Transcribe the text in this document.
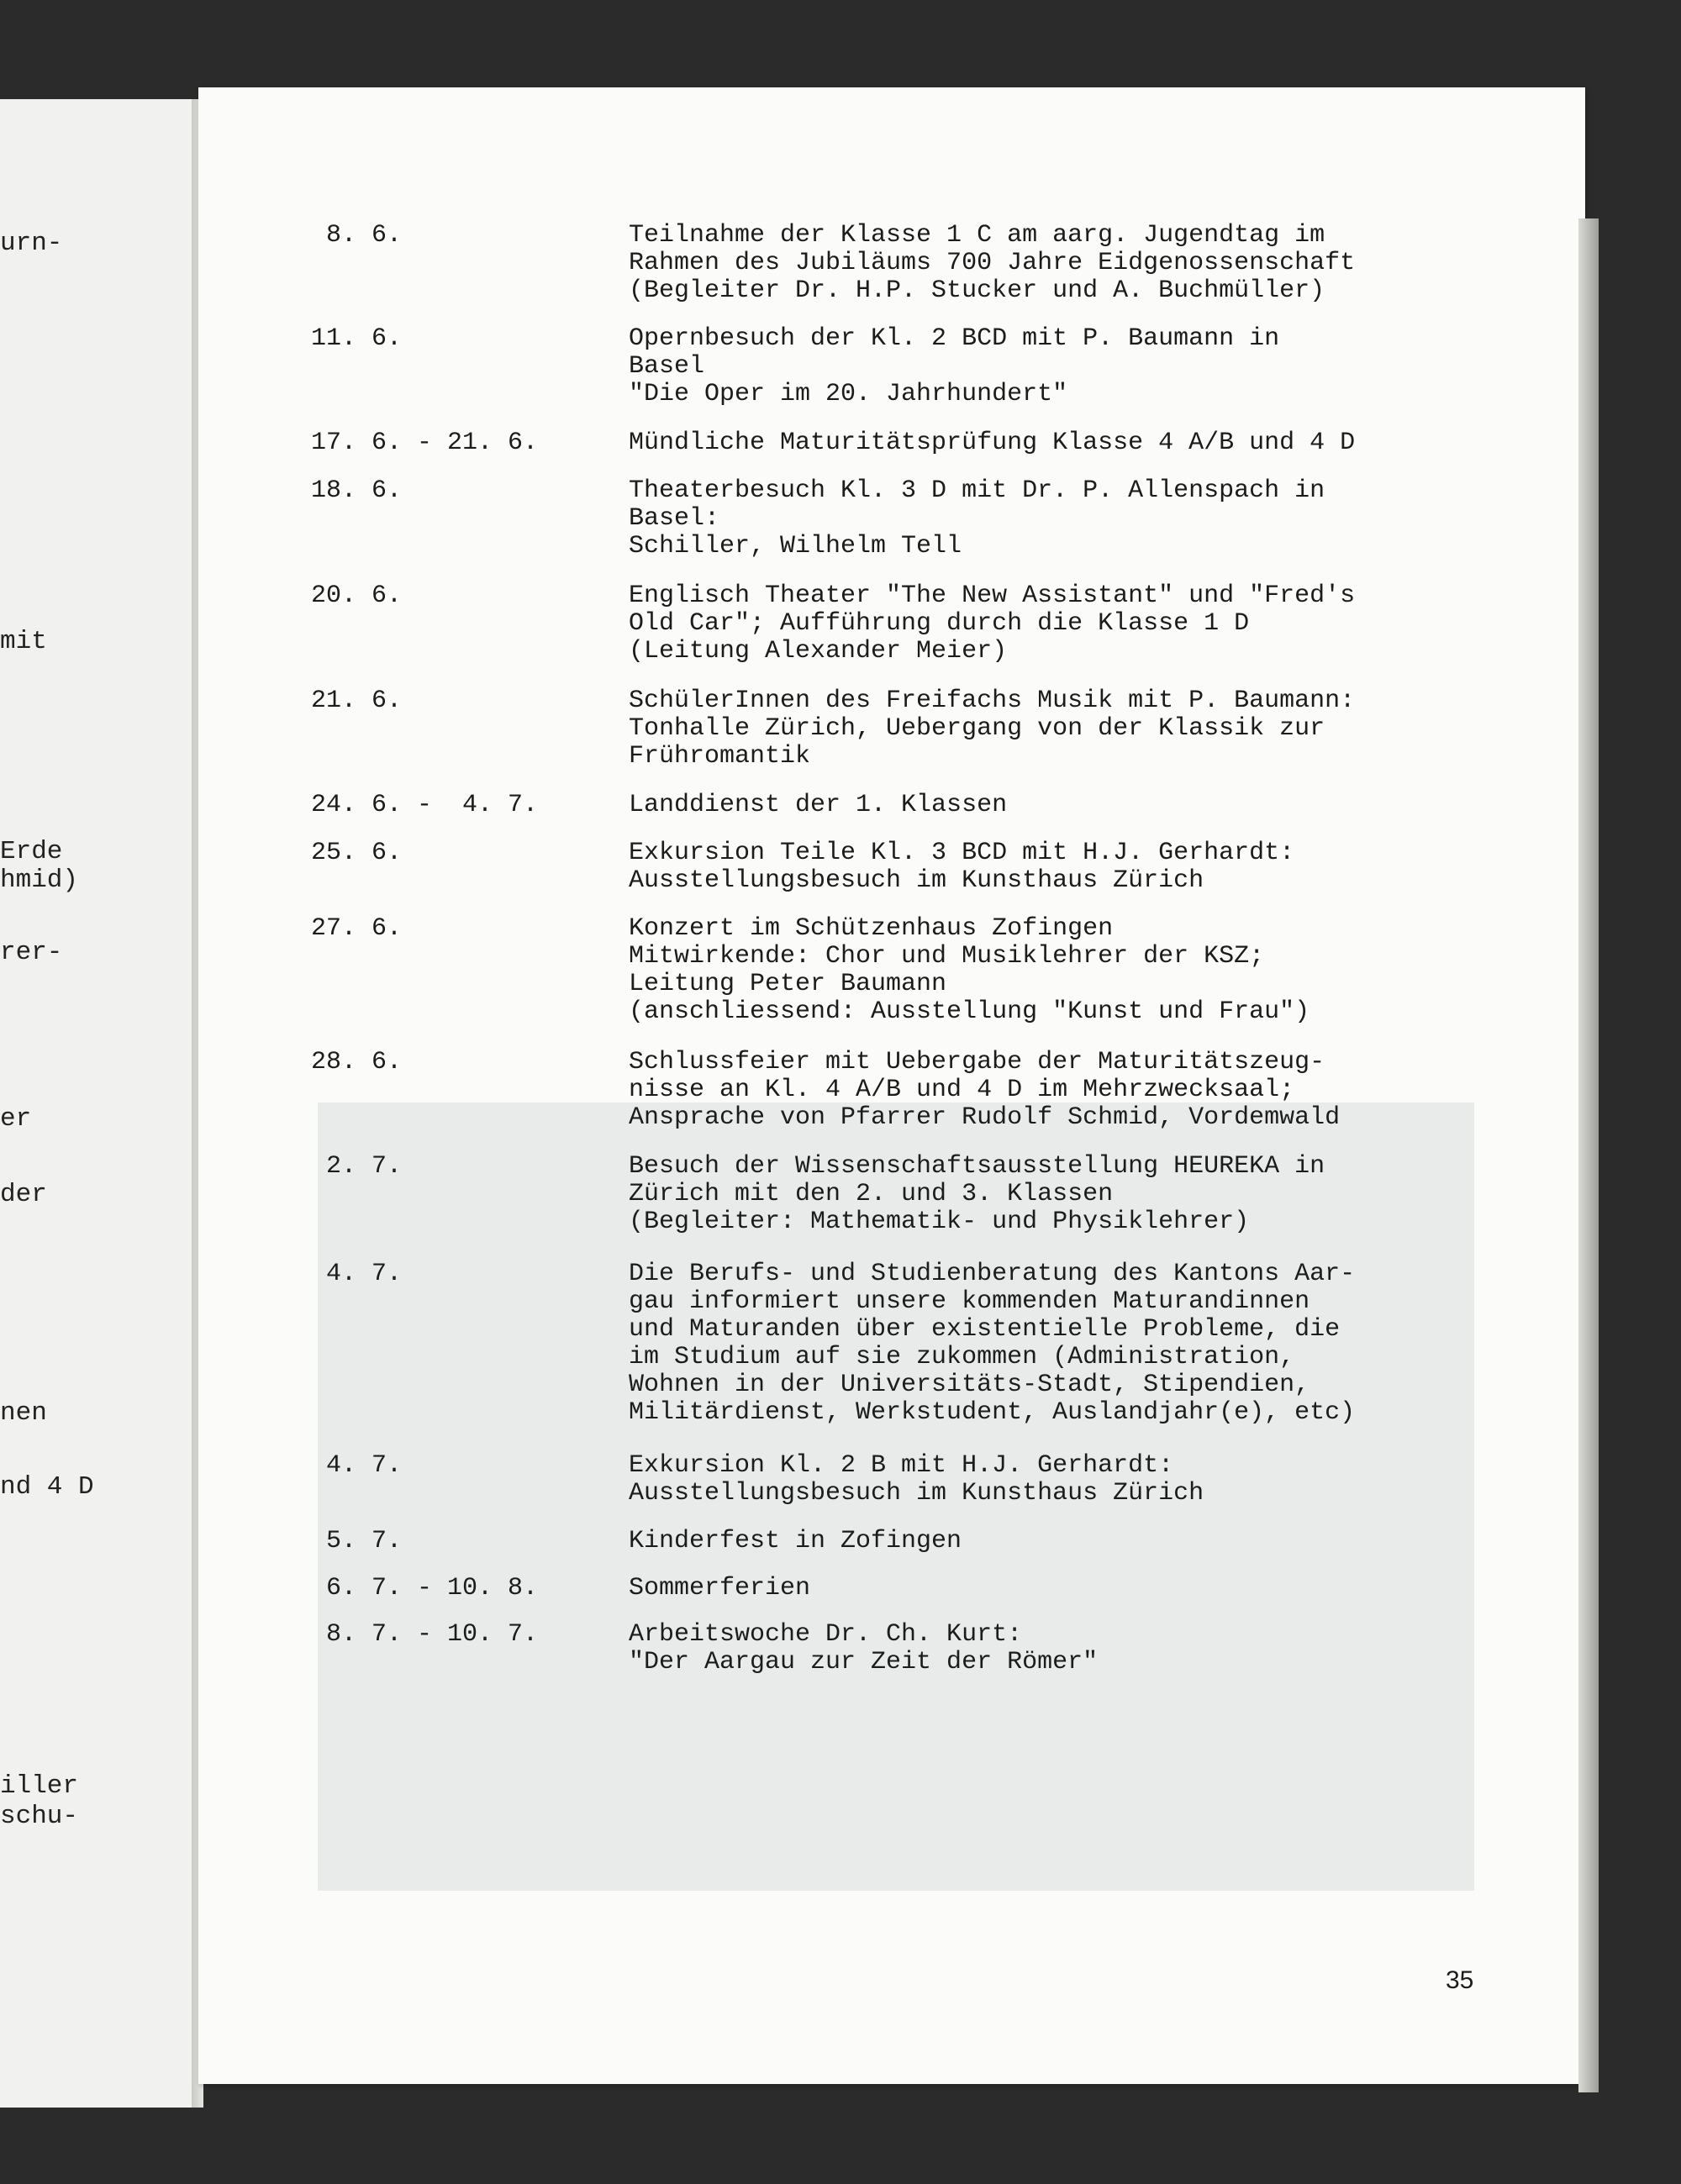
urn-
mit
Erde
hmid)
rer-
er
der
nen
nd 4 D
iller
schu-
8. 6.	Teilnahme der Klasse 1 C am aarg. Jugendtag im
Rahmen des Jubiläums 700 Jahre Eidgenossenschaft
(Begleiter Dr. H.P. Stucker und A. Buchmüller)
11. 6.	Opernbesuch der Kl. 2 BCD mit P. Baumann in
Basel
"Die Oper im 20. Jahrhundert"
17. 6. - 21. 6.	Mündliche Maturitätsprüfung Klasse 4 A/B und 4 D
18. 6.	Theaterbesuch Kl. 3 D mit Dr. P. Allenspach in
Basel:
Schiller, Wilhelm Tell
20. 6.	Englisch Theater "The New Assistant" und "Fred's
Old Car"; Aufführung durch die Klasse 1 D
(Leitung Alexander Meier)
21. 6.	SchülerInnen des Freifachs Musik mit P. Baumann:
Tonhalle Zürich, Uebergang von der Klassik zur
Frühromantik
24. 6. -  4. 7.	Landdienst der 1. Klassen
25. 6.	Exkursion Teile Kl. 3 BCD mit H.J. Gerhardt:
Ausstellungsbesuch im Kunsthaus Zürich
27. 6.	Konzert im Schützenhaus Zofingen
Mitwirkende: Chor und Musiklehrer der KSZ;
Leitung Peter Baumann
(anschliessend: Ausstellung "Kunst und Frau")
28. 6.	Schlussfeier mit Uebergabe der Maturitätszeug-
nisse an Kl. 4 A/B und 4 D im Mehrzwecksaal;
Ansprache von Pfarrer Rudolf Schmid, Vordemwald
2. 7.	Besuch der Wissenschaftsausstellung HEUREKA in
Zürich mit den 2. und 3. Klassen
(Begleiter: Mathematik- und Physiklehrer)
4. 7.	Die Berufs- und Studienberatung des Kantons Aar-
gau informiert unsere kommenden Maturandinnen
und Maturanden über existentielle Probleme, die
im Studium auf sie zukommen (Administration,
Wohnen in der Universitäts-Stadt, Stipendien,
Militärdienst, Werkstudent, Auslandjahr(e), etc)
4. 7.	Exkursion Kl. 2 B mit H.J. Gerhardt:
Ausstellungsbesuch im Kunsthaus Zürich
5. 7.	Kinderfest in Zofingen
6. 7. - 10. 8.	Sommerferien
8. 7. - 10. 7.	Arbeitswoche Dr. Ch. Kurt:
"Der Aargau zur Zeit der Römer"
35
